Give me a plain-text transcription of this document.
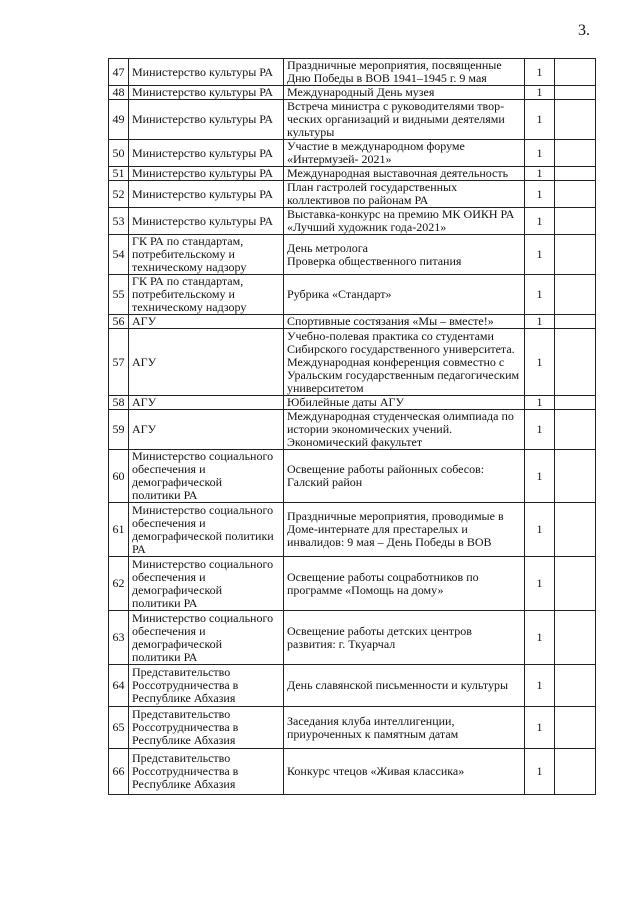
3.
47	Министерство культуры РА	Праздничные мероприятия, посвященные
Дню Победы в ВОВ 1941–1945 г. 9 мая	1	
48	Министерство культуры РА	Международный День музея	1	
49	Министерство культуры РА	Встреча министра с руководителями твор-
ческих организаций и видными деятелями
культуры	1	
50	Министерство культуры РА	Участие в международном форуме
«Интермузей- 2021»	1	
51	Министерство культуры РА	Международная выставочная деятельность	1	
52	Министерство культуры РА	План гастролей государственных
коллективов по районам РА	1	
53	Министерство культуры РА	Выставка-конкурс на премию МК ОИКН РА
«Лучший художник года-2021»	1	
54	ГК РА по стандартам,
потребительскому и
техническому надзору	День метролога
Проверка общественного питания	1	
55	ГК РА по стандартам,
потребительскому и
техническому надзору	Рубрика «Стандарт»	1	
56	АГУ	Спортивные состязания «Мы – вместе!»	1	
57	АГУ	Учебно-полевая практика со студентами
Сибирского государственного университета.
Международная конференция совместно с
Уральским государственным педагогическим
университетом	1	
58	АГУ	Юбилейные даты АГУ	1	
59	АГУ	Международная студенческая олимпиада по
истории экономических учений.
Экономический факультет	1	
60	Министерство социального
обеспечения и
демографической
политики РА	Освещение работы районных собесов:
Галский район	1	
61	Министерство социального
обеспечения и
демографической политики
РА	Праздничные мероприятия, проводимые в
Доме-интернате для престарелых и
инвалидов: 9 мая – День Победы в ВОВ	1	
62	Министерство социального
обеспечения и
демографической
политики РА	Освещение работы соцработников по
программе «Помощь на дому»	1	
63	Министерство социального
обеспечения и
демографической
политики РА	Освещение работы детских центров
развития: г. Ткуарчал	1	
64	Представительство
Россотрудничества в
Республике Абхазия	День славянской письменности и культуры	1	
65	Представительство
Россотрудничества в
Республике Абхазия	Заседания клуба интеллигенции,
приуроченных к памятным датам	1	
66	Представительство
Россотрудничества в
Республике Абхазия	Конкурс чтецов «Живая классика»	1	
